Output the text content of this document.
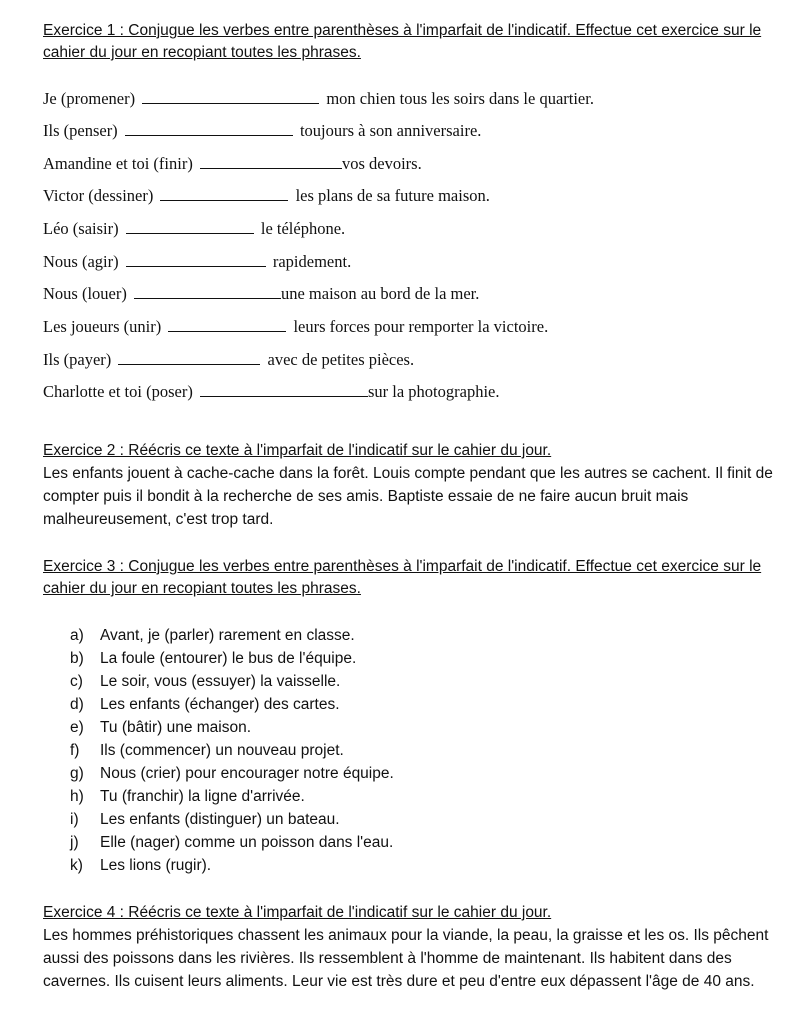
Exercice 1 : Conjugue les verbes entre parenthèses à l'imparfait de l'indicatif. Effectue cet exercice sur le cahier du jour en recopiant toutes les phrases.
Je (promener)	mon chien tous les soirs dans le quartier.
Ils (penser)	toujours à son anniversaire.
Amandine et toi (finir)	vos devoirs.
Victor (dessiner)	les plans de sa future maison.
Léo (saisir)	le téléphone.
Nous (agir)	rapidement.
Nous (louer)	une maison au bord de la mer.
Les joueurs (unir)	leurs forces pour remporter la victoire.
Ils (payer)	avec de petites pièces.
Charlotte et toi (poser)	sur la photographie.
Exercice 2 : Réécris ce texte à l'imparfait de l'indicatif sur le cahier du jour.
Les enfants jouent à cache-cache dans la forêt. Louis compte pendant que les autres se cachent. Il finit de compter puis il bondit à la recherche de ses amis. Baptiste essaie de ne faire aucun bruit mais malheureusement, c'est trop tard.
Exercice 3 : Conjugue les verbes entre parenthèses à l'imparfait de l'indicatif. Effectue cet exercice sur le cahier du jour en recopiant toutes les phrases.
a) Avant, je (parler) rarement en classe.
b) La foule (entourer) le bus de l'équipe.
c) Le soir, vous (essuyer) la vaisselle.
d) Les enfants (échanger) des cartes.
e) Tu (bâtir) une maison.
f) Ils (commencer) un nouveau projet.
g) Nous (crier) pour encourager notre équipe.
h) Tu (franchir) la ligne d'arrivée.
i) Les enfants (distinguer) un bateau.
j) Elle (nager) comme un poisson dans l'eau.
k) Les lions (rugir).
Exercice 4 : Réécris ce texte à l'imparfait de l'indicatif sur le cahier du jour.
Les hommes préhistoriques chassent les animaux pour la viande, la peau, la graisse et les os. Ils pêchent aussi des poissons dans les rivières. Ils ressemblent à l'homme de maintenant. Ils habitent dans des cavernes. Ils cuisent leurs aliments. Leur vie est très dure et peu d'entre eux dépassent l'âge de 40 ans.
